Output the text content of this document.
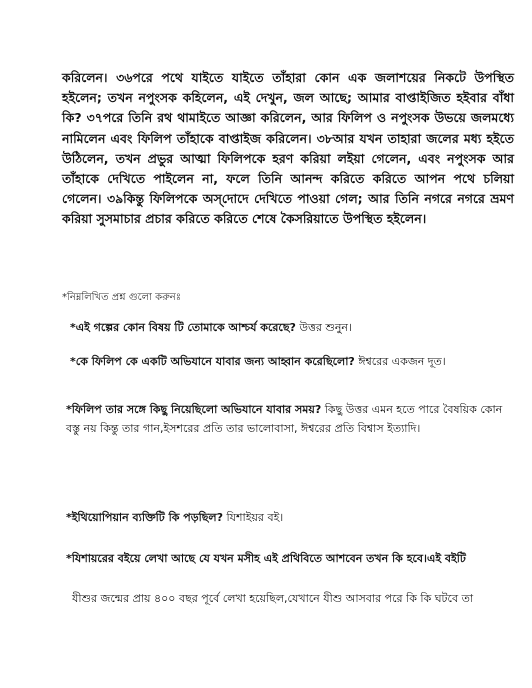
করিলেন। ৩৬পরে পথে যাইতে যাইতে তাঁহারা কোন এক জলাশয়ের নিকটে উপস্থিত হইলেন; তখন নপুংসক কহিলেন, এই দেখুন, জল আছে; আমার বাপ্তাইজিত হইবার বাঁধা কি? ৩৭পরে তিনি রথ থামাইতে আজ্ঞা করিলেন, আর ফিলিপ ও নপুংসক উভয়ে জলমধ্যে নামিলেন এবং ফিলিপ তাঁহাকে বাপ্তাইজ করিলেন। ৩৮আর যখন তাহারা জলের মধ্য হইতে উঠিলেন, তখন প্রভুর আত্মা ফিলিপকে হরণ করিয়া লইয়া গেলেন, এবং নপুংসক আর তাঁহাকে দেখিতে পাইলেন না, ফলে তিনি আনন্দ করিতে করিতে আপন পথে চলিয়া গেলেন। ৩৯কিন্তু ফিলিপকে অস্‌দোদে দেখিতে পাওয়া গেল; আর তিনি নগরে নগরে ভ্রমণ করিয়া সুসমাচার প্রচার করিতে করিতে শেষে কৈসরিয়াতে উপস্থিত হইলেন।

*নিম্নলিখিত প্রশ্ন গুলো করুনঃ

*এই গল্পের কোন বিষয় টি তোমাকে আশ্চর্য করেছে? উত্তর শুনুন।

*কে ফিলিপ কে একটি অভিযানে যাবার জন্য আহ্বান করেছিলো? ঈশ্বরের একজন দূত।

*ফিলিপ তার সঙ্গে কিছু নিয়েছিলো অভিযানে যাবার সময়? কিছু উত্তর এমন হতে পারে বৈষয়িক কোন বস্তু নয় কিন্তু তার গান,ইসশরের প্রতি তার ভালোবাসা, ঈশ্বরের প্রতি বিশ্বাস ইত্যাদি।

*ইথিয়োপিয়ান ব্যক্তিটি কি পড়ছিল? যিশাইয়র বই।

*যিশায়রের বইয়ে লেখা আছে যে যখন মসীহ এই প্রথিবিতে আশবেন তখন কি হবে।এই বইটি

যীশুর জন্মের প্রায় ৪০০ বছর পূর্বে লেখা হয়েছিল,যেখানে যীশু আসবার পরে কি কি ঘটবে তা
